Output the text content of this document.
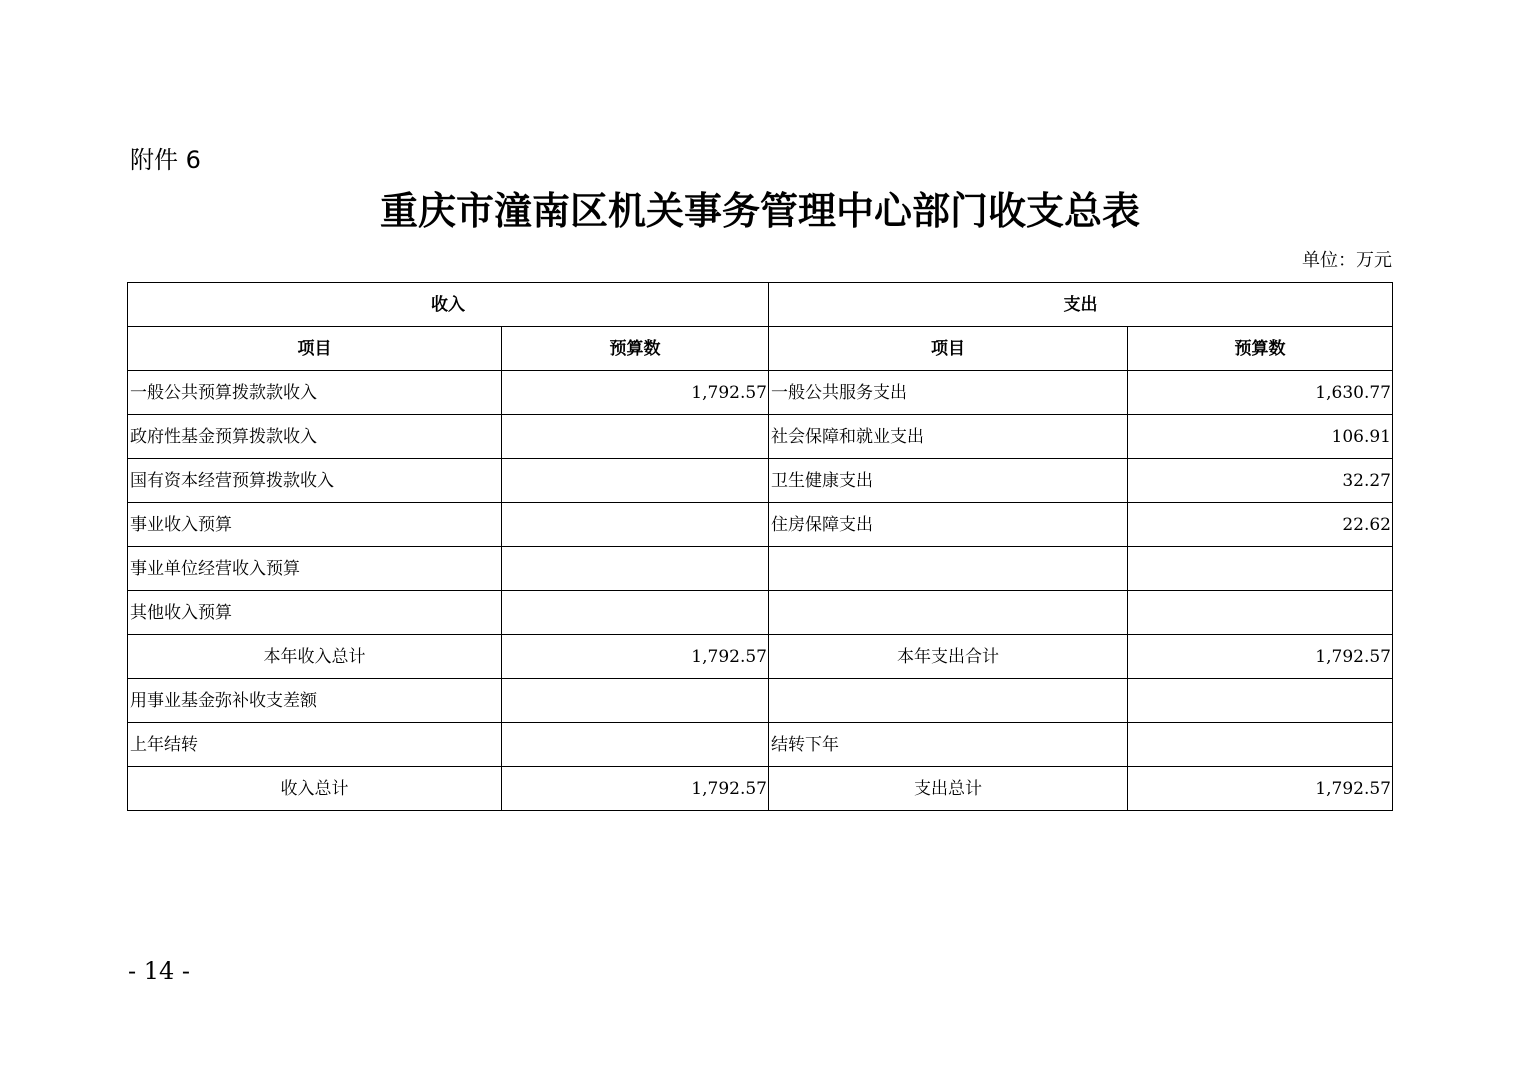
附件 6
重庆市潼南区机关事务管理中心部门收支总表
单位：万元
收入		支出	
项目	预算数	项目	预算数
一般公共预算拨款款收入	1,792.57	一般公共服务支出	1,630.77
政府性基金预算拨款收入		社会保障和就业支出	106.91
国有资本经营预算拨款收入		卫生健康支出	32.27
事业收入预算		住房保障支出	22.62
事业单位经营收入预算			
其他收入预算			
本年收入总计	1,792.57	本年支出合计	1,792.57
用事业基金弥补收支差额			
上年结转		结转下年	
收入总计	1,792.57	支出总计	1,792.57
- 14 -
